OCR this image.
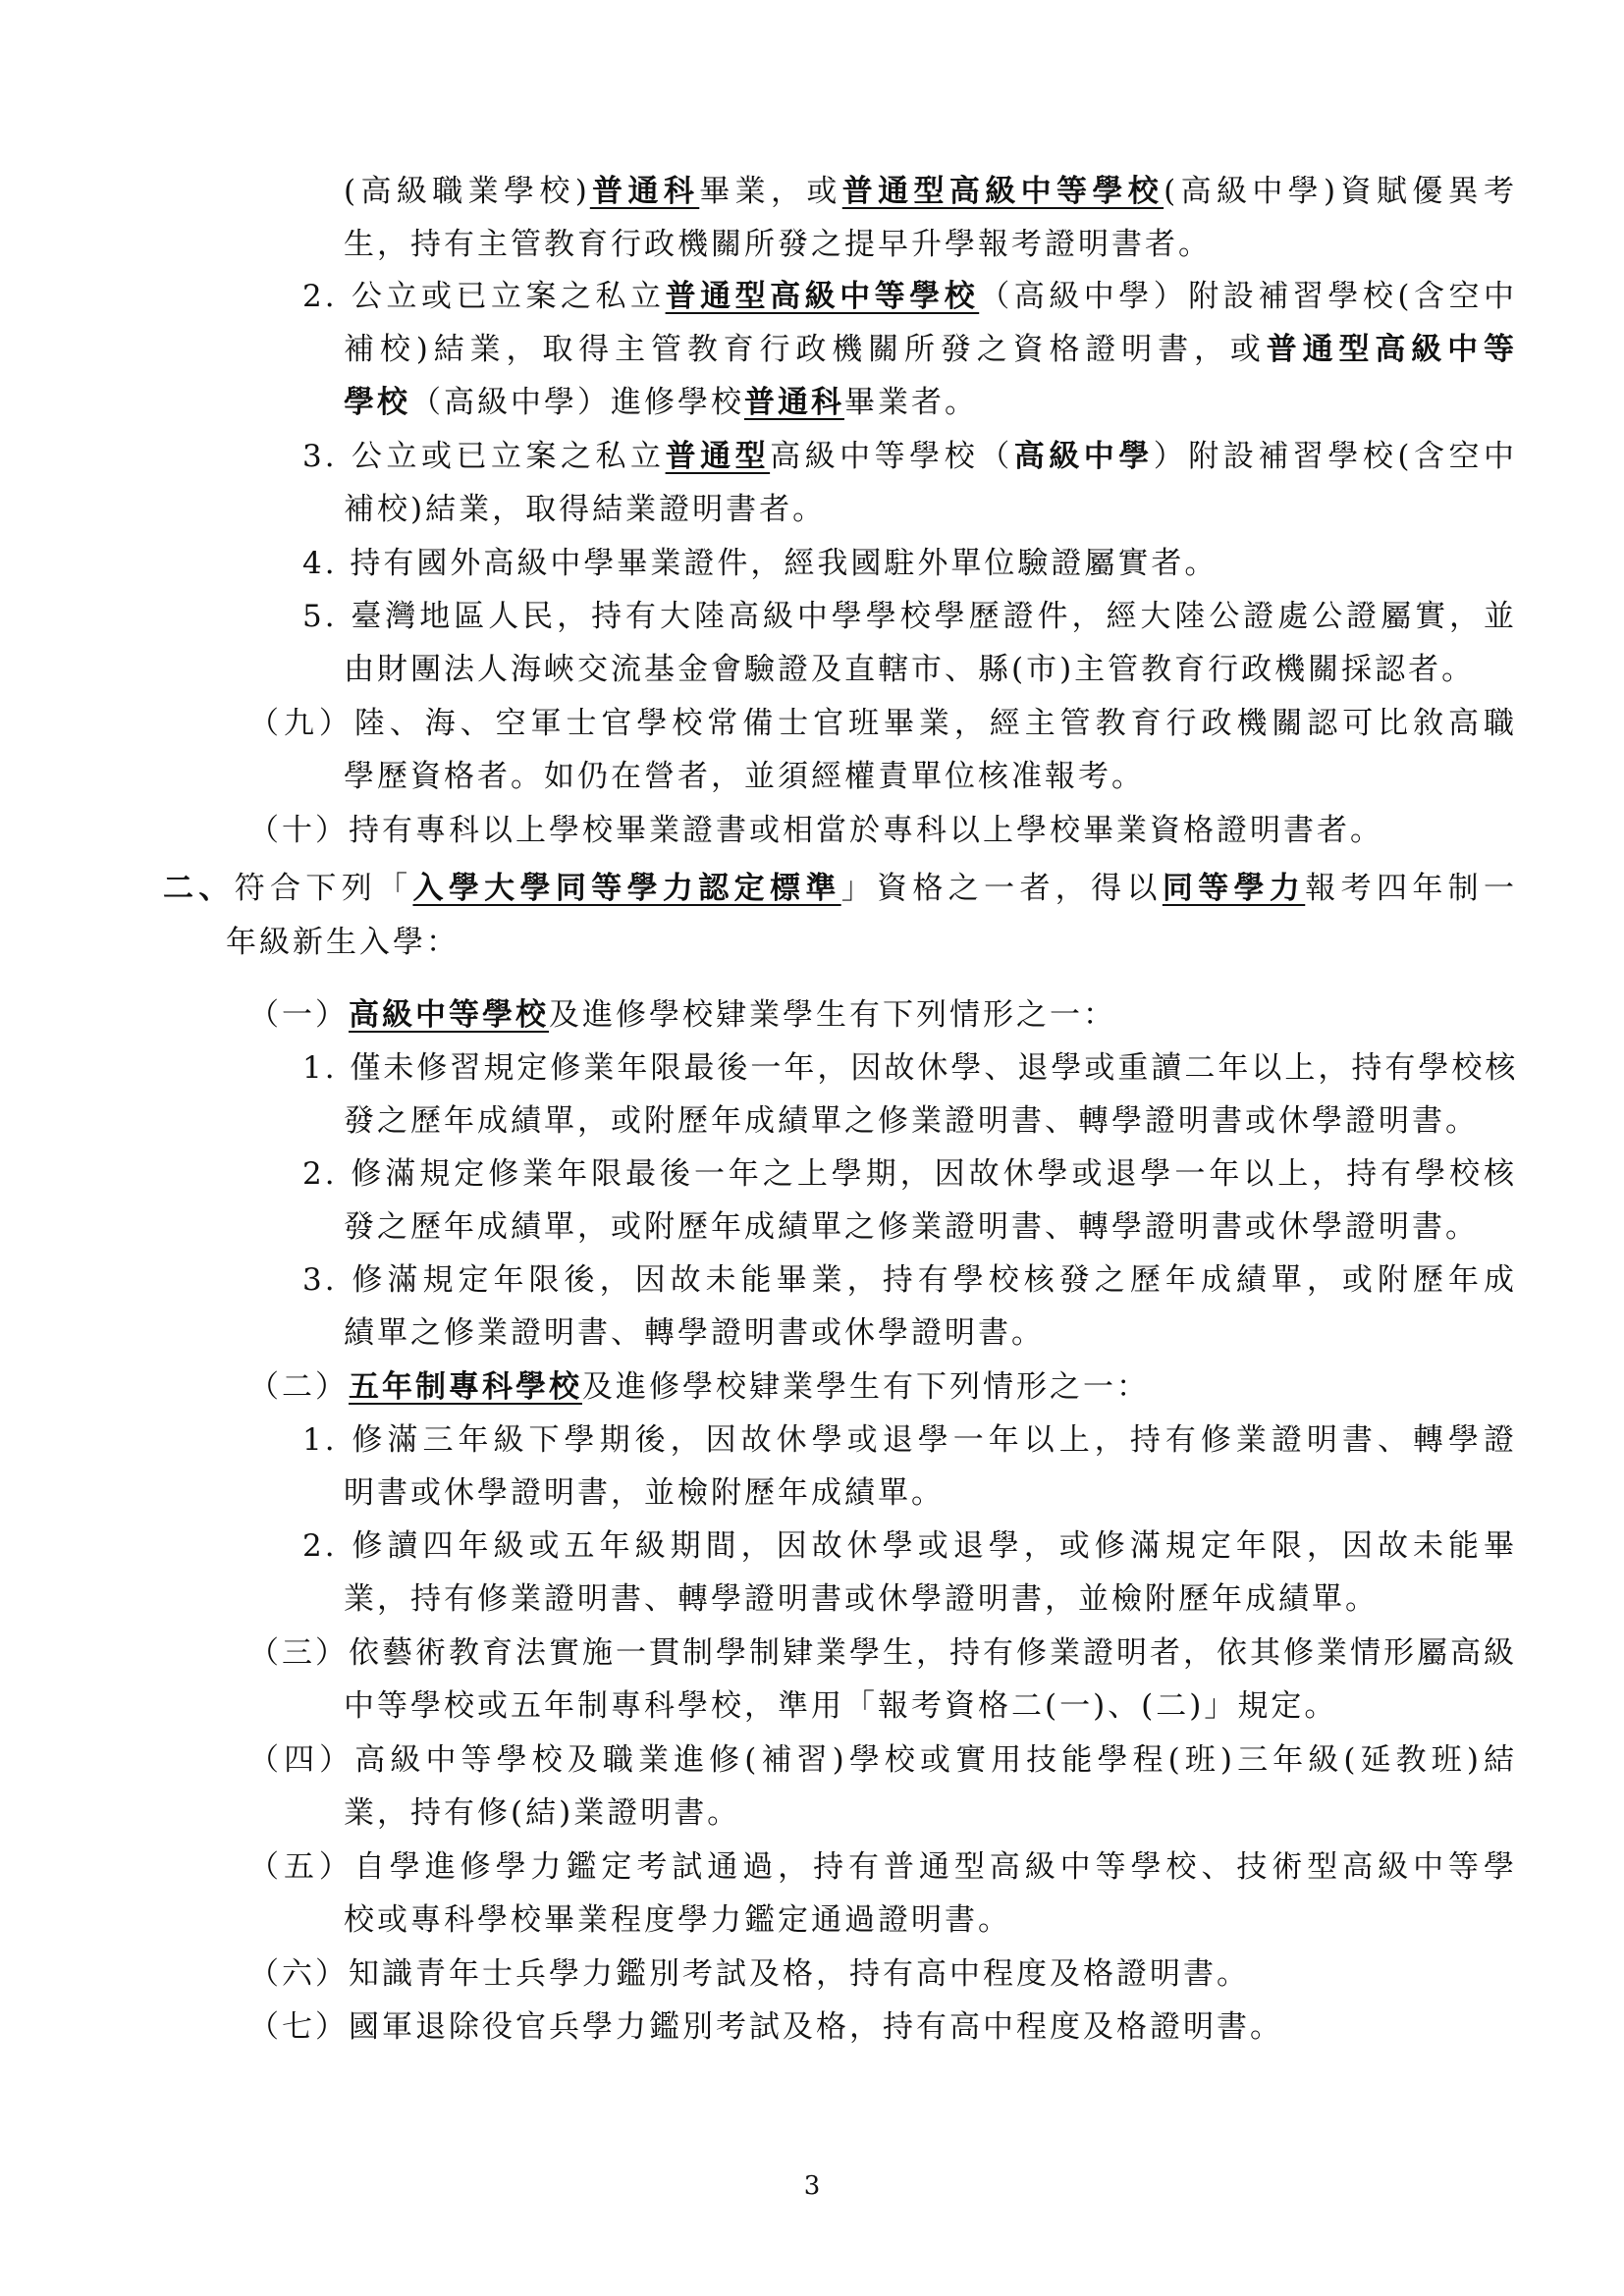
(高級職業學校)普通科畢業，或普通型高級中等學校(高級中學)資賦優異考
生，持有主管教育行政機關所發之提早升學報考證明書者。
2. 公立或已立案之私立普通型高級中等學校（高級中學）附設補習學校(含空中
補校)結業，取得主管教育行政機關所發之資格證明書，或普通型高級中等
學校（高級中學）進修學校普通科畢業者。
3. 公立或已立案之私立普通型高級中等學校（高級中學）附設補習學校(含空中
補校)結業，取得結業證明書者。
4. 持有國外高級中學畢業證件，經我國駐外單位驗證屬實者。
5. 臺灣地區人民，持有大陸高級中學學校學歷證件，經大陸公證處公證屬實，並
由財團法人海峽交流基金會驗證及直轄市、縣(市)主管教育行政機關採認者。
（九）陸、海、空軍士官學校常備士官班畢業，經主管教育行政機關認可比敘高職
學歷資格者。如仍在營者，並須經權責單位核准報考。
（十）持有專科以上學校畢業證書或相當於專科以上學校畢業資格證明書者。
二、符合下列「入學大學同等學力認定標準」資格之一者，得以同等學力報考四年制一
年級新生入學：
（一）高級中等學校及進修學校肄業學生有下列情形之一：
1. 僅未修習規定修業年限最後一年，因故休學、退學或重讀二年以上，持有學校核
發之歷年成績單，或附歷年成績單之修業證明書、轉學證明書或休學證明書。
2. 修滿規定修業年限最後一年之上學期，因故休學或退學一年以上，持有學校核
發之歷年成績單，或附歷年成績單之修業證明書、轉學證明書或休學證明書。
3. 修滿規定年限後，因故未能畢業，持有學校核發之歷年成績單，或附歷年成
績單之修業證明書、轉學證明書或休學證明書。
（二）五年制專科學校及進修學校肄業學生有下列情形之一：
1. 修滿三年級下學期後，因故休學或退學一年以上，持有修業證明書、轉學證
明書或休學證明書，並檢附歷年成績單。
2. 修讀四年級或五年級期間，因故休學或退學，或修滿規定年限，因故未能畢
業，持有修業證明書、轉學證明書或休學證明書，並檢附歷年成績單。
（三）依藝術教育法實施一貫制學制肄業學生，持有修業證明者，依其修業情形屬高級
中等學校或五年制專科學校，準用「報考資格二(一)、(二)」規定。
（四）高級中等學校及職業進修(補習)學校或實用技能學程(班)三年級(延教班)結
業，持有修(結)業證明書。
（五）自學進修學力鑑定考試通過，持有普通型高級中等學校、技術型高級中等學
校或專科學校畢業程度學力鑑定通過證明書。
（六）知識青年士兵學力鑑別考試及格，持有高中程度及格證明書。
（七）國軍退除役官兵學力鑑別考試及格，持有高中程度及格證明書。
3
